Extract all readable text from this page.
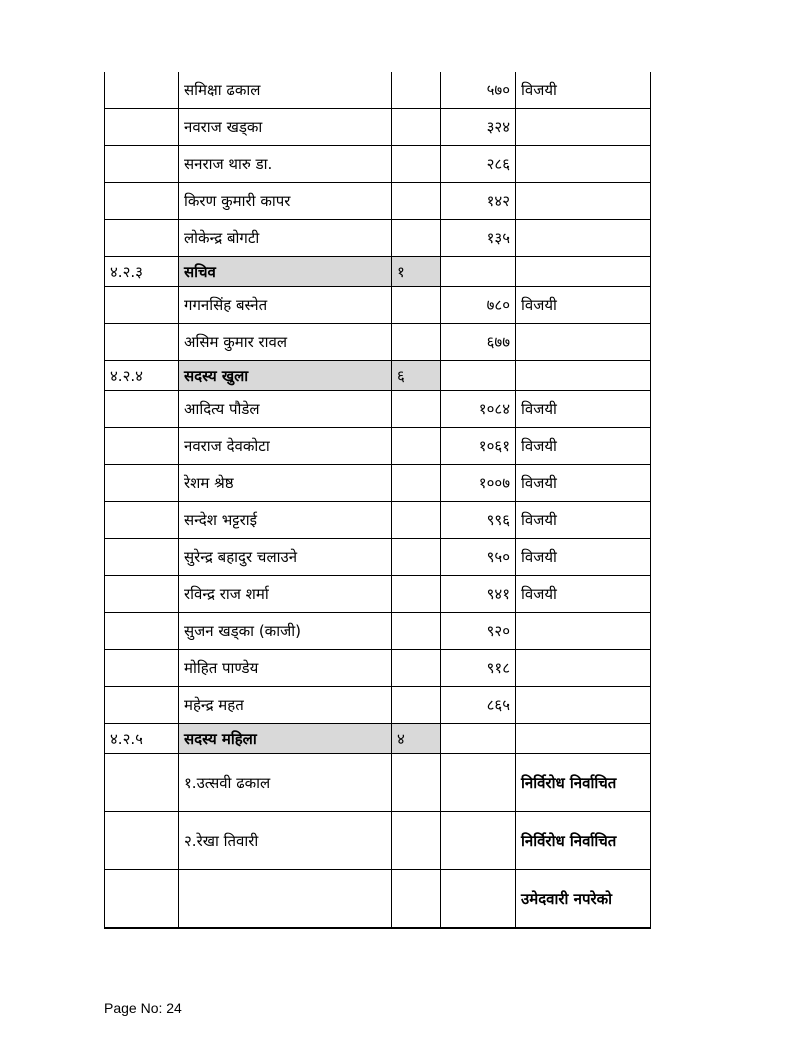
	समिक्षा ढकाल		५७०	विजयी
	नवराज खड्का		३२४	
	सनराज थारु डा.		२८६	
	किरण कुमारी कापर		१४२	
	लोकेन्द्र बोगटी		१३५	
४.२.३	सचिव	१		
	गगनसिंह बस्नेत		७८०	विजयी
	असिम कुमार रावल		६७७	
४.२.४	सदस्य खुला	६		
	आदित्य पौडेल		१०८४	विजयी
	नवराज देवकोटा		१०६१	विजयी
	रेशम श्रेष्ठ		१००७	विजयी
	सन्देश भट्टराई		९९६	विजयी
	सुरेन्द्र बहादुर चलाउने		९५०	विजयी
	रविन्द्र राज शर्मा		९४१	विजयी
	सुजन खड्का (काजी)		९२०	
	मोहित पाण्डेय		९१८	
	महेन्द्र महत		८६५	
४.२.५	सदस्य महिला	४		
	१.उत्सवी ढकाल			निर्विरोध निर्वाचित
	२.रेखा तिवारी			निर्विरोध निर्वाचित
				उमेदवारी नपरेको
Page No: 24
